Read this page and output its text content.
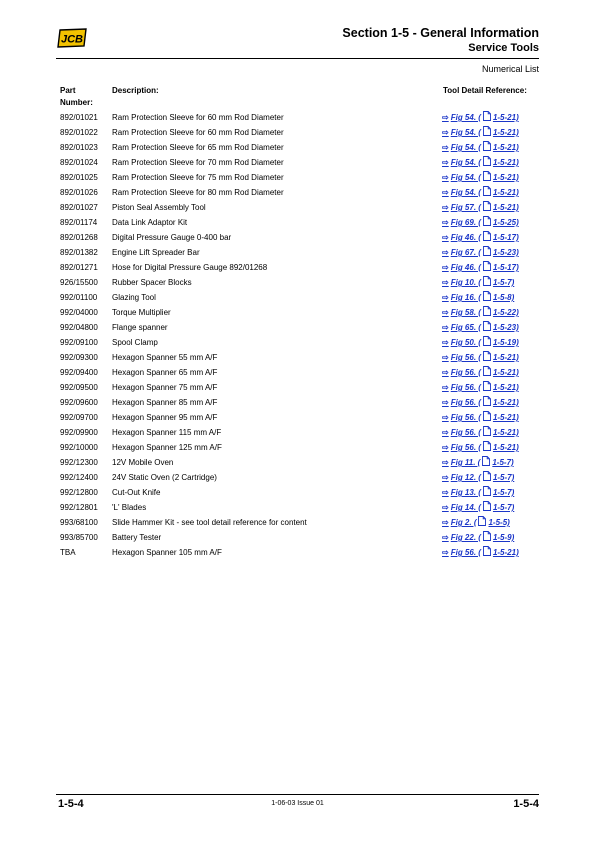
JCB	Section 1-5 - General Information
Service Tools
Numerical List
Part Number:
Description:	Tool Detail Reference:
892/01021 Ram Protection Sleeve for 60 mm Rod Diameter	⇨ Fig 54. ( 1-5-21)
892/01022 Ram Protection Sleeve for 60 mm Rod Diameter	⇨ Fig 54. ( 1-5-21)
892/01023 Ram Protection Sleeve for 65 mm Rod Diameter	⇨ Fig 54. ( 1-5-21)
892/01024 Ram Protection Sleeve for 70 mm Rod Diameter	⇨ Fig 54. ( 1-5-21)
892/01025 Ram Protection Sleeve for 75 mm Rod Diameter	⇨ Fig 54. ( 1-5-21)
892/01026 Ram Protection Sleeve for 80 mm Rod Diameter	⇨ Fig 54. ( 1-5-21)
892/01027 Piston Seal Assembly Tool	⇨ Fig 57. ( 1-5-21)
892/01174 Data Link Adaptor Kit	⇨ Fig 69. ( 1-5-25)
892/01268 Digital Pressure Gauge 0-400 bar	⇨ Fig 46. ( 1-5-17)
892/01382 Engine Lift Spreader Bar	⇨ Fig 67. ( 1-5-23)
892/01271 Hose for Digital Pressure Gauge 892/01268	⇨ Fig 46. ( 1-5-17)
926/15500 Rubber Spacer Blocks	⇨ Fig 10. ( 1-5-7)
992/01100 Glazing Tool	⇨ Fig 16. ( 1-5-8)
992/04000 Torque Multiplier	⇨ Fig 58. ( 1-5-22)
992/04800 Flange spanner	⇨ Fig 65. ( 1-5-23)
992/09100 Spool Clamp	⇨ Fig 50. ( 1-5-19)
992/09300 Hexagon Spanner 55 mm A/F	⇨ Fig 56. ( 1-5-21)
992/09400 Hexagon Spanner 65 mm A/F	⇨ Fig 56. ( 1-5-21)
992/09500 Hexagon Spanner 75 mm A/F	⇨ Fig 56. ( 1-5-21)
992/09600 Hexagon Spanner 85 mm A/F	⇨ Fig 56. ( 1-5-21)
992/09700 Hexagon Spanner 95 mm A/F	⇨ Fig 56. ( 1-5-21)
992/09900 Hexagon Spanner 115 mm A/F	⇨ Fig 56. ( 1-5-21)
992/10000 Hexagon Spanner 125 mm A/F	⇨ Fig 56. ( 1-5-21)
992/12300 12V Mobile Oven	⇨ Fig 11. ( 1-5-7)
992/12400 24V Static Oven (2 Cartridge)	⇨ Fig 12. ( 1-5-7)
992/12800 Cut-Out Knife	⇨ Fig 13. ( 1-5-7)
992/12801 'L' Blades	⇨ Fig 14. ( 1-5-7)
993/68100 Slide Hammer Kit - see tool detail reference for content	⇨ Fig 2. ( 1-5-5)
993/85700 Battery Tester	⇨ Fig 22. ( 1-5-9)
TBA	Hexagon Spanner 105 mm A/F	⇨ Fig 56. ( 1-5-21)
1-5-4	1-06-03 Issue 01	1-5-4
